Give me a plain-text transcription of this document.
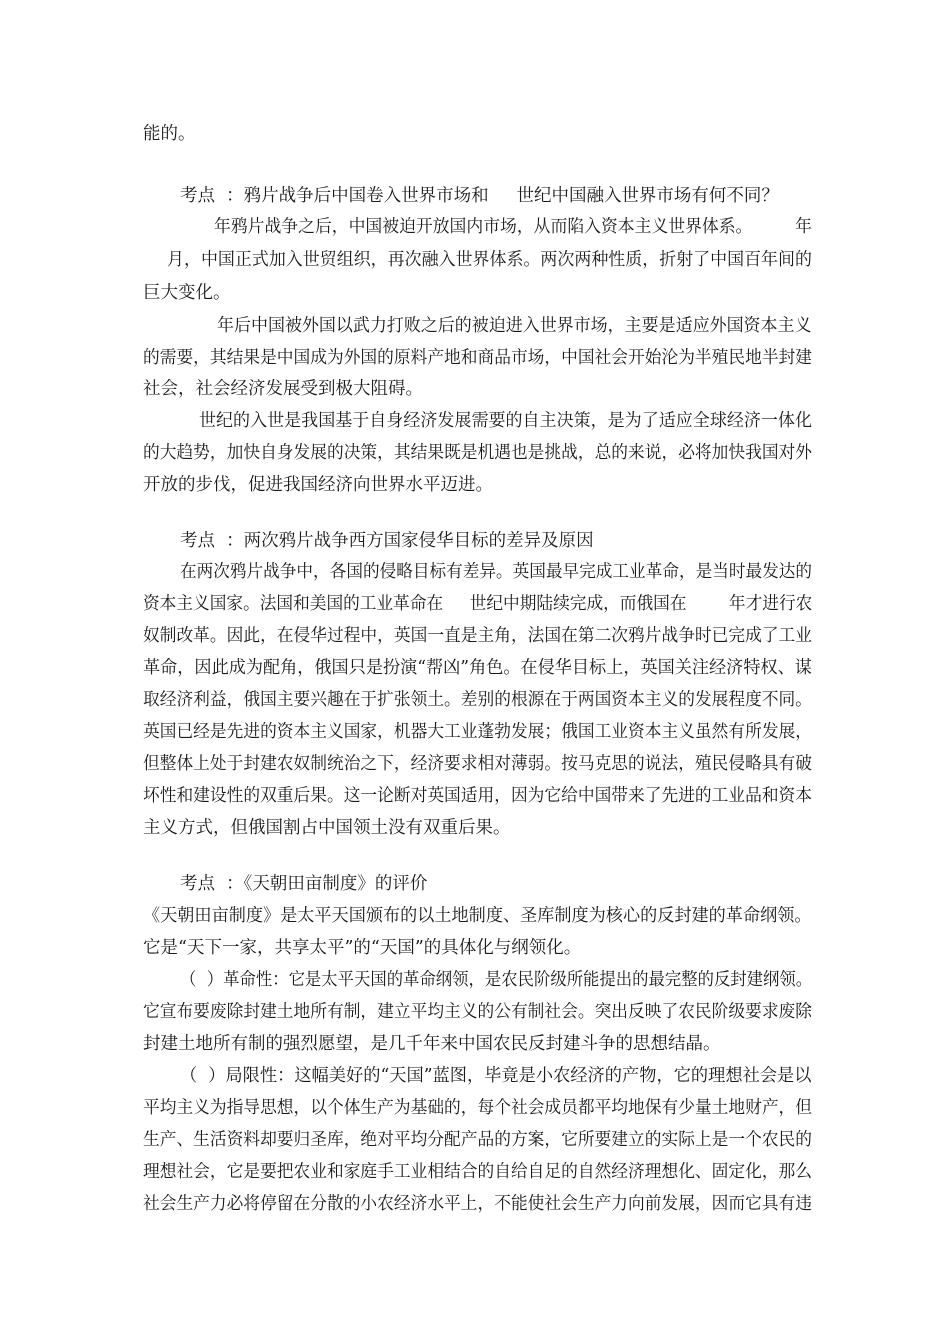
能的。
考点  ：鸦片战争后中国卷入世界市场和     世纪中国融入世界市场有何不同？
年鸦片战争之后，中国被迫开放国内市场，从而陷入资本主义世界体系。        年
月，中国正式加入世贸组织，再次融入世界体系。两次两种性质，折射了中国百年间的
巨大变化。
年后中国被外国以武力打败之后的被迫进入世界市场，主要是适应外国资本主义
的需要，其结果是中国成为外国的原料产地和商品市场，中国社会开始沦为半殖民地半封建
社会，社会经济发展受到极大阻碍。
世纪的入世是我国基于自身经济发展需要的自主决策，是为了适应全球经济一体化
的大趋势，加快自身发展的决策，其结果既是机遇也是挑战，总的来说，必将加快我国对外
开放的步伐，促进我国经济向世界水平迈进。
考点  ：两次鸦片战争西方国家侵华目标的差异及原因
在两次鸦片战争中，各国的侵略目标有差异。英国最早完成工业革命，是当时最发达的
资本主义国家。法国和美国的工业革命在     世纪中期陆续完成，而俄国在        年才进行农
奴制改革。因此，在侵华过程中，英国一直是主角，法国在第二次鸦片战争时已完成了工业
革命，因此成为配角，俄国只是扮演“帮凶”角色。在侵华目标上，英国关注经济特权、谋
取经济利益，俄国主要兴趣在于扩张领土。差别的根源在于两国资本主义的发展程度不同。
英国已经是先进的资本主义国家，机器大工业蓬勃发展；俄国工业资本主义虽然有所发展，
但整体上处于封建农奴制统治之下，经济要求相对薄弱。按马克思的说法，殖民侵略具有破
坏性和建设性的双重后果。这一论断对英国适用，因为它给中国带来了先进的工业品和资本
主义方式，但俄国割占中国领土没有双重后果。
考点  ：《天朝田亩制度》的评价
《天朝田亩制度》是太平天国颁布的以土地制度、圣库制度为核心的反封建的革命纲领。
它是“天下一家，共享太平”的“天国”的具体化与纲领化。
（  ）革命性：它是太平天国的革命纲领，是农民阶级所能提出的最完整的反封建纲领。
它宣布要废除封建土地所有制，建立平均主义的公有制社会。突出反映了农民阶级要求废除
封建土地所有制的强烈愿望，是几千年来中国农民反封建斗争的思想结晶。
（  ）局限性：这幅美好的“天国”蓝图，毕竟是小农经济的产物，它的理想社会是以
平均主义为指导思想，以个体生产为基础的，每个社会成员都平均地保有少量土地财产，但
生产、生活资料却要归圣库，绝对平均分配产品的方案，它所要建立的实际上是一个农民的
理想社会，它是要把农业和家庭手工业相结合的自给自足的自然经济理想化、固定化，那么
社会生产力必将停留在分散的小农经济水平上，不能使社会生产力向前发展，因而它具有违
